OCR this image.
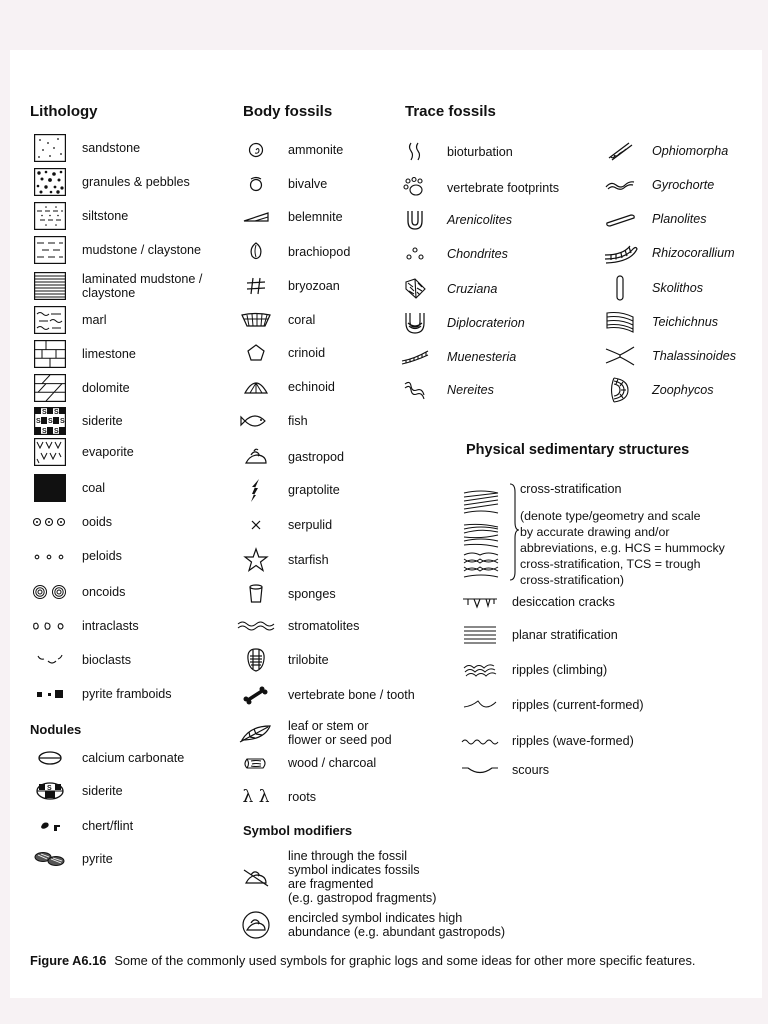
Lithology	Body fossils	Trace fossils
Nodules
Physical sedimentary structures
Symbol modifiers
sandstone
granules & pebbles
siltstone
mudstone / claystone
laminated mudstone /
claystone
marl
limestone
dolomite
S S
S S S
S S
siderite
evaporite
coal
ooids
peloids
oncoids
intraclasts
bioclasts
pyrite framboids
calcium carbonate
S	siderite
chert/flint
pyrite
ammonite
bivalve
belemnite
brachiopod
bryozoan
coral
crinoid
echinoid
fish
gastropod
graptolite
serpulid
starfish
sponges
stromatolites
trilobite
vertebrate bone / tooth
leaf or stem or
flower or seed pod
wood / charcoal
λ λ	roots
line through the fossil
symbol indicates fossils
are fragmented
(e.g. gastropod fragments)
encircled symbol indicates high
abundance (e.g. abundant gastropods)
bioturbation
vertebrate footprints
Arenicolites
Chondrites
Cruziana
Diplocraterion
Muenesteria
Nereites
Ophiomorpha
Gyrochorte
Planolites
Rhizocorallium
Skolithos
Teichichnus
Thalassinoides
Zoophycos
cross-stratification
(denote type/geometry and scale
by accurate drawing and/or
abbreviations, e.g. HCS = hummocky
cross-stratification, TCS = trough
cross-stratification)
desiccation cracks
planar stratification
ripples (climbing)
ripples (current-formed)
ripples (wave-formed)
scours
Figure A6.16 Some of the commonly used symbols for graphic logs and some ideas for other more specific features.
